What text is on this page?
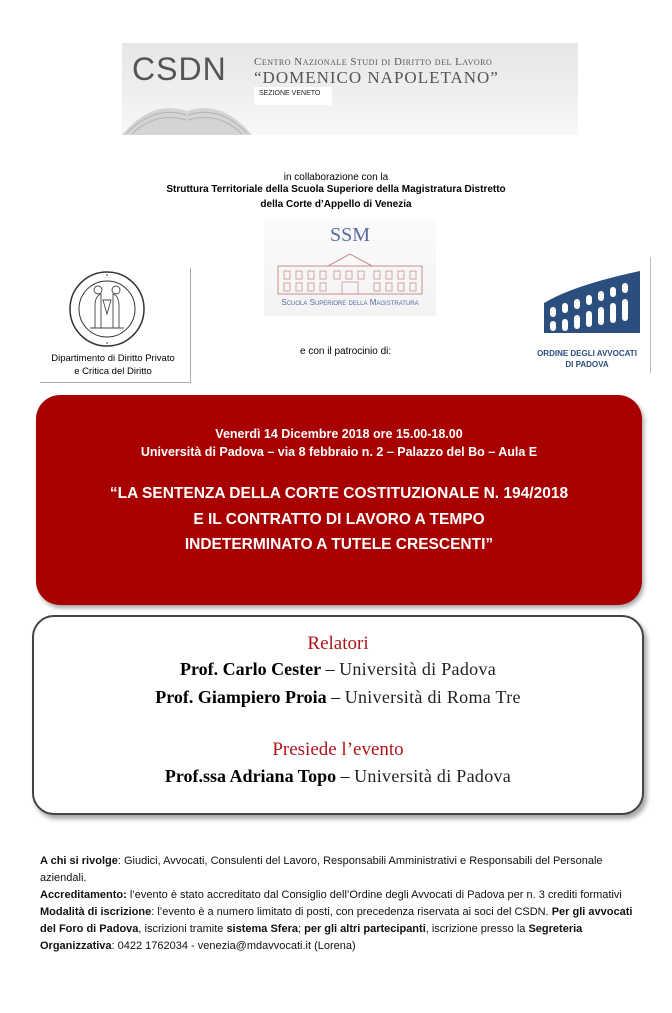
CSDN Centro Nazionale Studi di Diritto del Lavoro
“DOMENICO NAPOLETANO”
SEZIONE VENETO
in collaborazione con la
Struttura Territoriale della Scuola Superiore della Magistratura Distretto
della Corte d’Appello di Venezia
SSM
Scuola Superiore della Magistratura
·····
Dipartimento di Diritto Privato
e Critica del Diritto
e con il patrocinio di:	ORDINE DEGLI AVVOCATI
DI PADOVA
Venerdì 14 Dicembre 2018 ore 15.00-18.00
Università di Padova – via 8 febbraio n. 2 – Palazzo del Bo – Aula E
“LA SENTENZA DELLA CORTE COSTITUZIONALE N. 194/2018
E IL CONTRATTO DI LAVORO A TEMPO
INDETERMINATO A TUTELE CRESCENTI”
Relatori
Prof. Carlo Cester – Università di Padova
Prof. Giampiero Proia – Università di Roma Tre
Presiede l’evento
Prof.ssa Adriana Topo – Università di Padova

A chi si rivolge: Giudici, Avvocati, Consulenti del Lavoro, Responsabili Amministrativi e Responsabili del Personale aziendali.

Accreditamento: l’evento è stato accreditato dal Consiglio dell’Ordine degli Avvocati di Padova per n. 3 crediti formativi

Modalità di iscrizione: l’evento è a numero limitato di posti, con precedenza riservata ai soci del CSDN. Per gli avvocati del Foro di Padova, iscrizioni tramite sistema Sfera; per gli altri partecipanti, iscrizione presso la Segreteria Organizzativa: 0422 1762034 - venezia@mdavvocati.it (Lorena)
